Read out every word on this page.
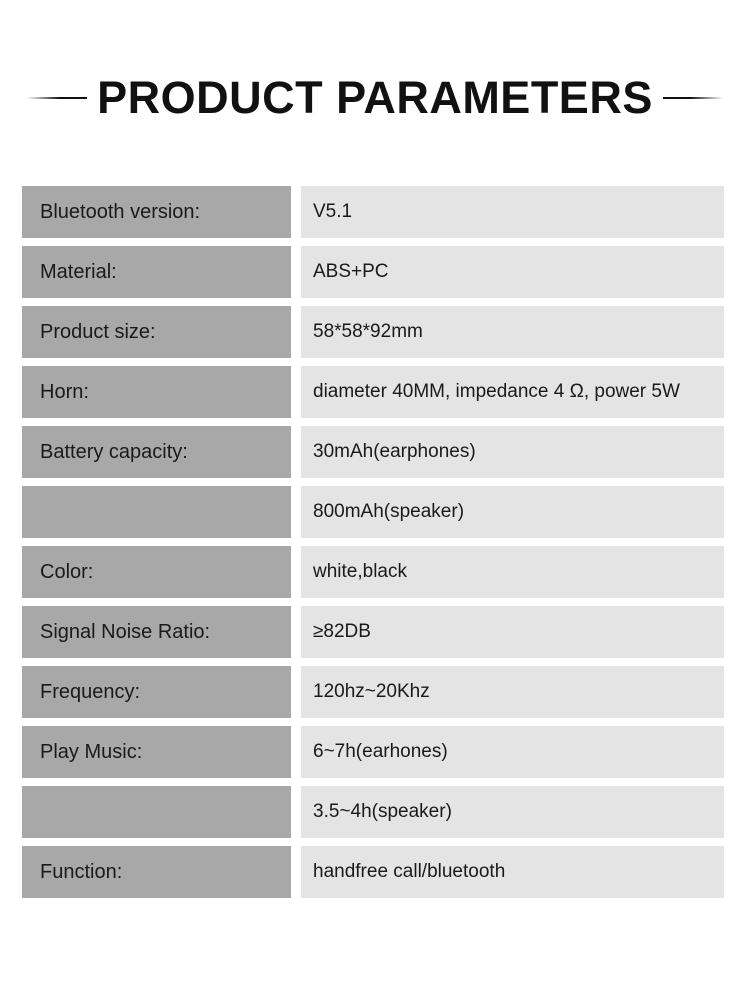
PRODUCT PARAMETERS
Bluetooth version:	V5.1
Material:	ABS+PC
Product size:	58*58*92mm
Horn:	diameter 40MM, impedance 4 Ω, power 5W
Battery capacity:	30mAh(earphones)
800mAh(speaker)
Color:	white,black
Signal Noise Ratio:	≥82DB
Frequency:	120hz~20Khz
Play Music:	6~7h(earhones)
3.5~4h(speaker)
Function:	handfree call/bluetooth
